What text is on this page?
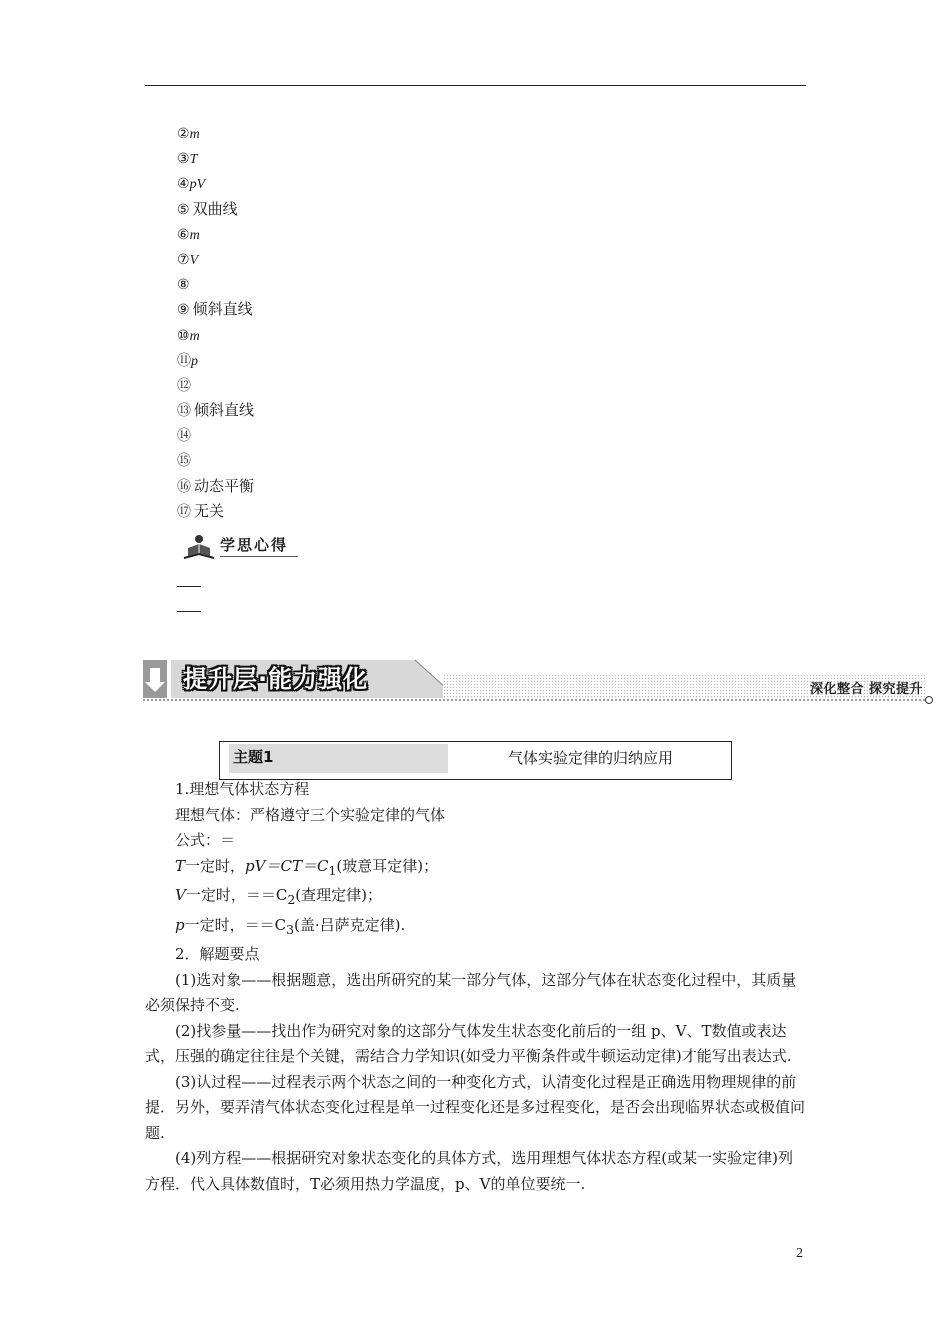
②m
③T
④pV
⑤ 双曲线
⑥m
⑦V
⑧
⑨ 倾斜直线
⑩m
⑪p
⑫
⑬ 倾斜直线
⑭
⑮
⑯ 动态平衡
⑰ 无关
学思心得
提升层·能力强化	深化整合 探究提升
主题1	气体实验定律的归纳应用

1.理想气体状态方程

理想气体：严格遵守三个实验定律的气体

公式：＝

T一定时，$pV=CT=C_1$(玻意耳定律)；

V一定时，$==C_2$(查理定律)；

p一定时，$==C_3$(盖·吕萨克定律).

2．解题要点

(1)选对象——根据题意，选出所研究的某一部分气体，这部分气体在状态变化过程中，其质量必须保持不变.

(2)找参量——找出作为研究对象的这部分气体发生状态变化前后的一组 p、V、T数值或表达式，压强的确定往往是个关键，需结合力学知识(如受力平衡条件或牛顿运动定律)才能写出表达式.

(3)认过程——过程表示两个状态之间的一种变化方式，认清变化过程是正确选用物理规律的前提．另外，要弄清气体状态变化过程是单一过程变化还是多过程变化，是否会出现临界状态或极值问题.

(4)列方程——根据研究对象状态变化的具体方式，选用理想气体状态方程(或某一实验定律)列方程．代入具体数值时，T必须用热力学温度，p、V的单位要统一.

2
